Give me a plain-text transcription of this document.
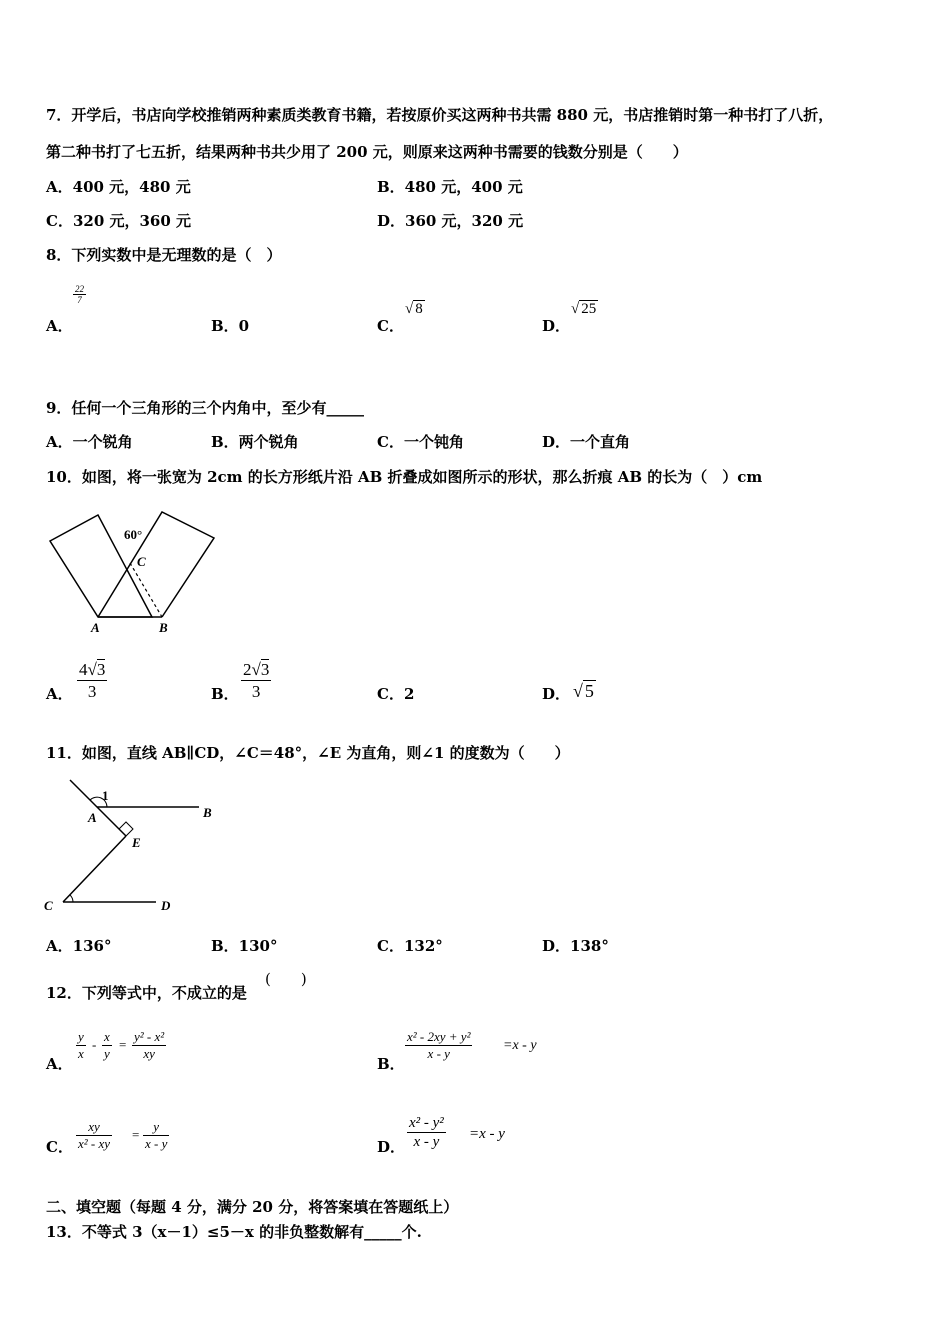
7．开学后，书店向学校推销两种素质类教育书籍，若按原价买这两种书共需 880 元，书店推销时第一种书打了八折，
第二种书打了七五折，结果两种书共少用了 200 元，则原来这两种书需要的钱数分别是（　　）
A．400 元，480 元	B．480 元，400 元
C．320 元，360 元	D．360 元，320 元
8．下列实数中是无理数的是（　）
A．
22
7
B．0	C．
√ 8
D．
√ 25
9．任何一个三角形的三个内角中，至少有_____
A．一个锐角	B．两个锐角	C．一个钝角	D．一个直角
10．如图，将一张宽为 2cm 的长方形纸片沿 AB 折叠成如图所示的形状，那么折痕 AB 的长为（　）cm
60°
C
A	B
A．
4√3
3	B．
2√3
3	C．2	D． √ 5
11．如图，直线 AB∥CD，∠C＝48°，∠E 为直角，则∠1 的度数为（　　）
1
A	B
E
C	D
A．136°	B．130°	C．132°	D．138°
12．下列等式中，不成立的是
(　　)
A．
y
x
-
x
y
=
y² - x²
xy
B．
x² - 2xy + y²
x - y
=x - y
C．
xy
x² - xy
=
y
x - y	D．
x² - y²
x - y	=x - y
二、填空题（每题 4 分，满分 20 分，将答案填在答题纸上）
13．不等式 3（x－1）≤5－x 的非负整数解有_____个.
